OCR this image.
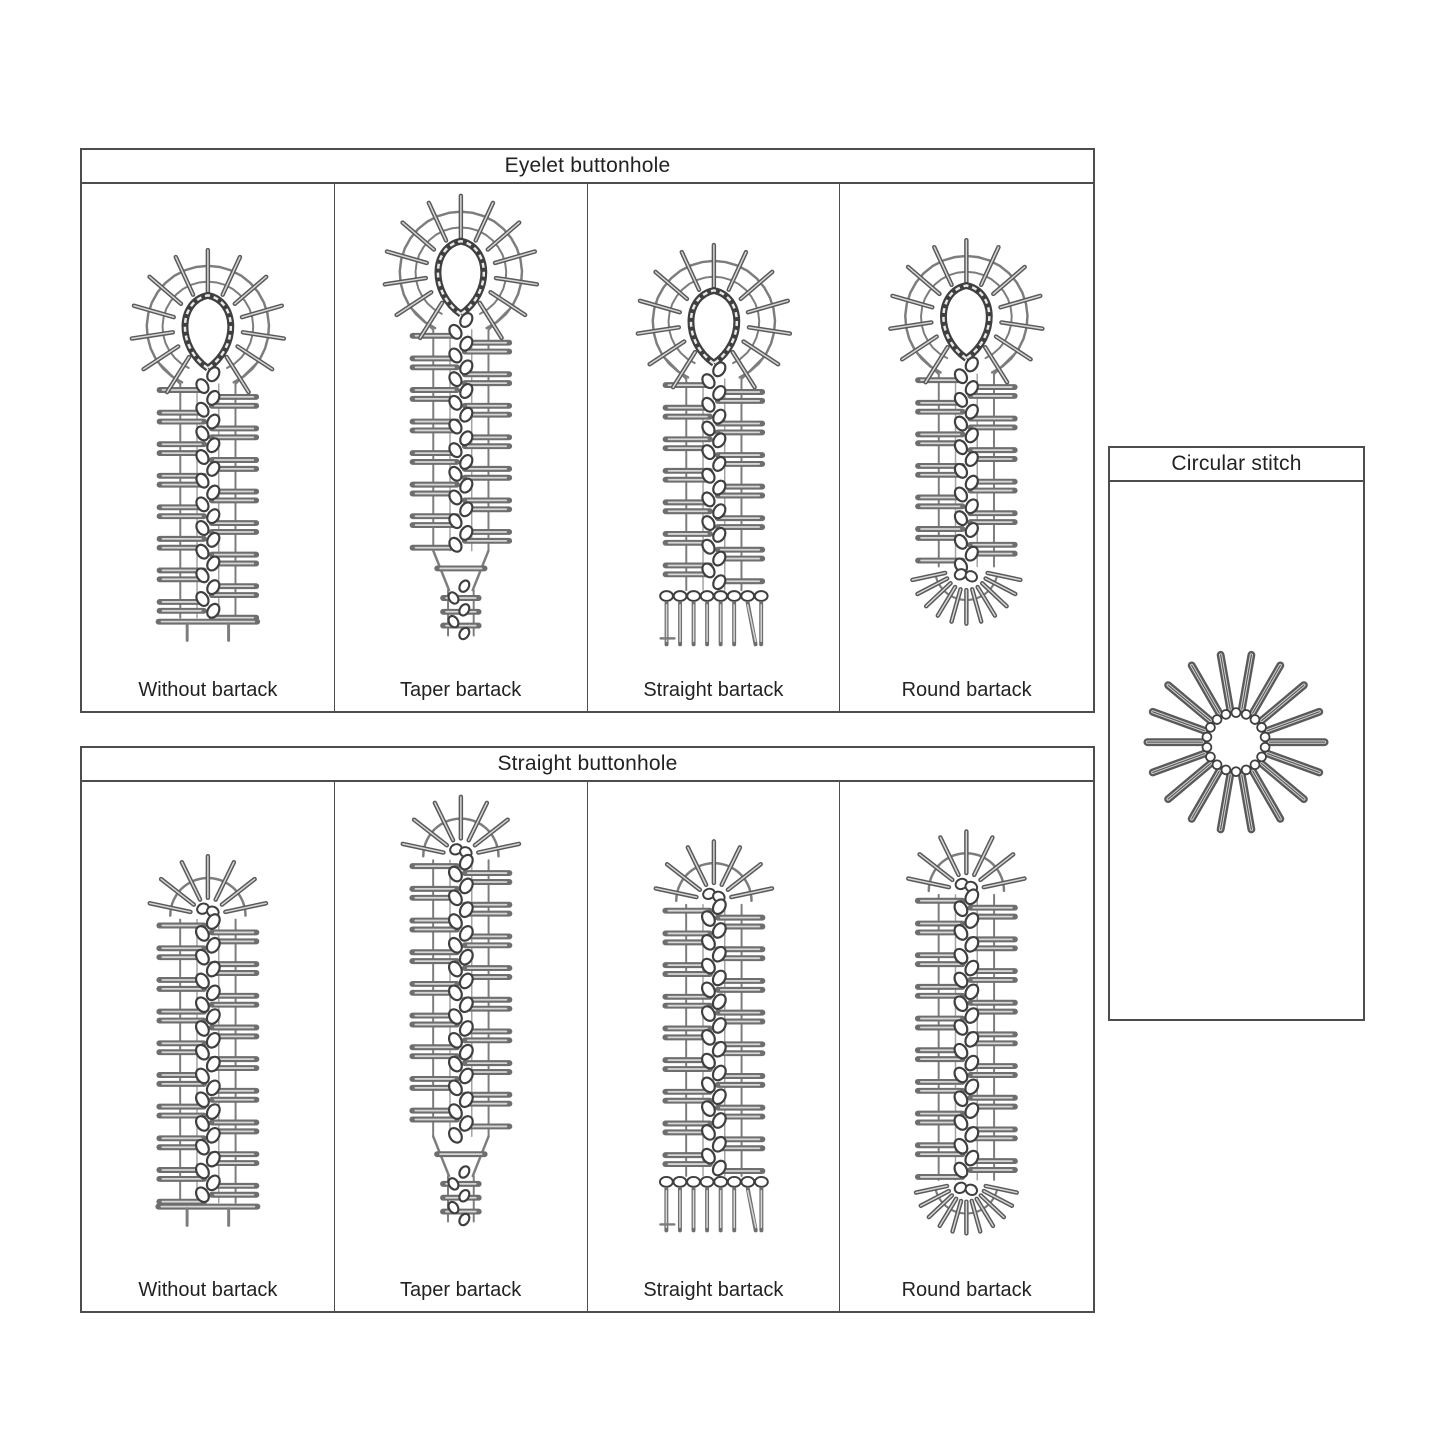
Eyelet buttonhole
Without bartack	Taper bartack	Straight bartack	Round bartack
Straight buttonhole
Without bartack	Taper bartack	Straight bartack	Round bartack
Circular stitch
